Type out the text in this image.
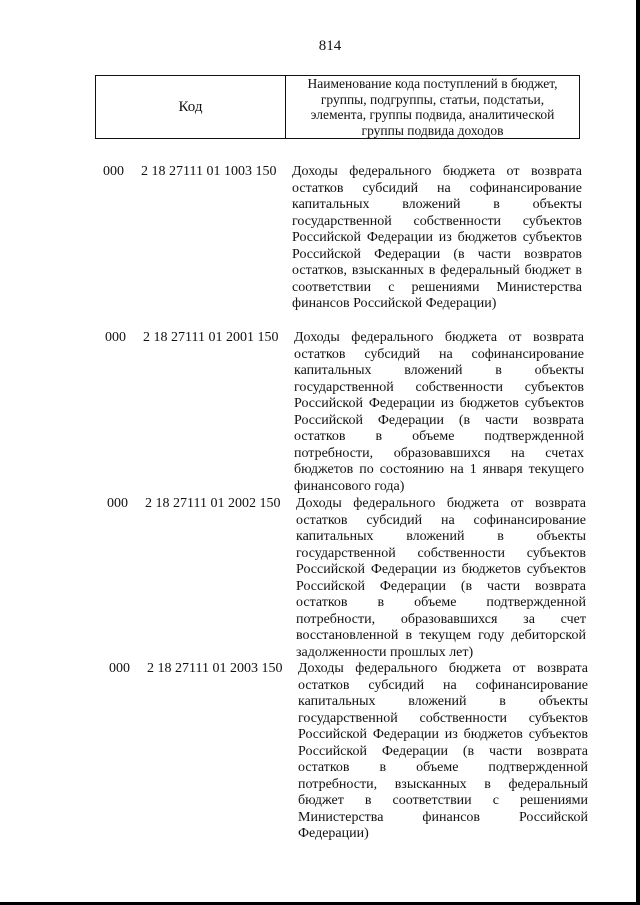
814
Код
Наименование кода поступлений в бюджет, группы, подгруппы, статьи, подстатьи, элемента, группы подвида, аналитической группы подвида доходов
000 2 18 27111 01 1003 150 Доходы федерального бюджета от возврата остатков субсидий на софинансирование капитальных вложений в объекты государственной собственности субъектов Российской Федерации из бюджетов субъектов Российской Федерации (в части возвратов остатков, взысканных в федеральный бюджет в соответствии с решениями Министерства финансов Российской Федерации)
000 2 18 27111 01 2001 150 Доходы федерального бюджета от возврата остатков субсидий на софинансирование капитальных вложений в объекты государственной собственности субъектов Российской Федерации из бюджетов субъектов Российской Федерации (в части возврата остатков в объеме подтвержденной потребности, образовавшихся на счетах бюджетов по состоянию на 1 января текущего финансового года)
000 2 18 27111 01 2002 150 Доходы федерального бюджета от возврата остатков субсидий на софинансирование капитальных вложений в объекты государственной собственности субъектов Российской Федерации из бюджетов субъектов Российской Федерации (в части возврата остатков в объеме подтвержденной потребности, образовавшихся за счет восстановленной в текущем году дебиторской задолженности прошлых лет)
000 2 18 27111 01 2003 150 Доходы федерального бюджета от возврата остатков субсидий на софинансирование капитальных вложений в объекты государственной собственности субъектов Российской Федерации из бюджетов субъектов Российской Федерации (в части возврата остатков в объеме подтвержденной потребности, взысканных в федеральный бюджет в соответствии с решениями Министерства финансов Российской Федерации)
